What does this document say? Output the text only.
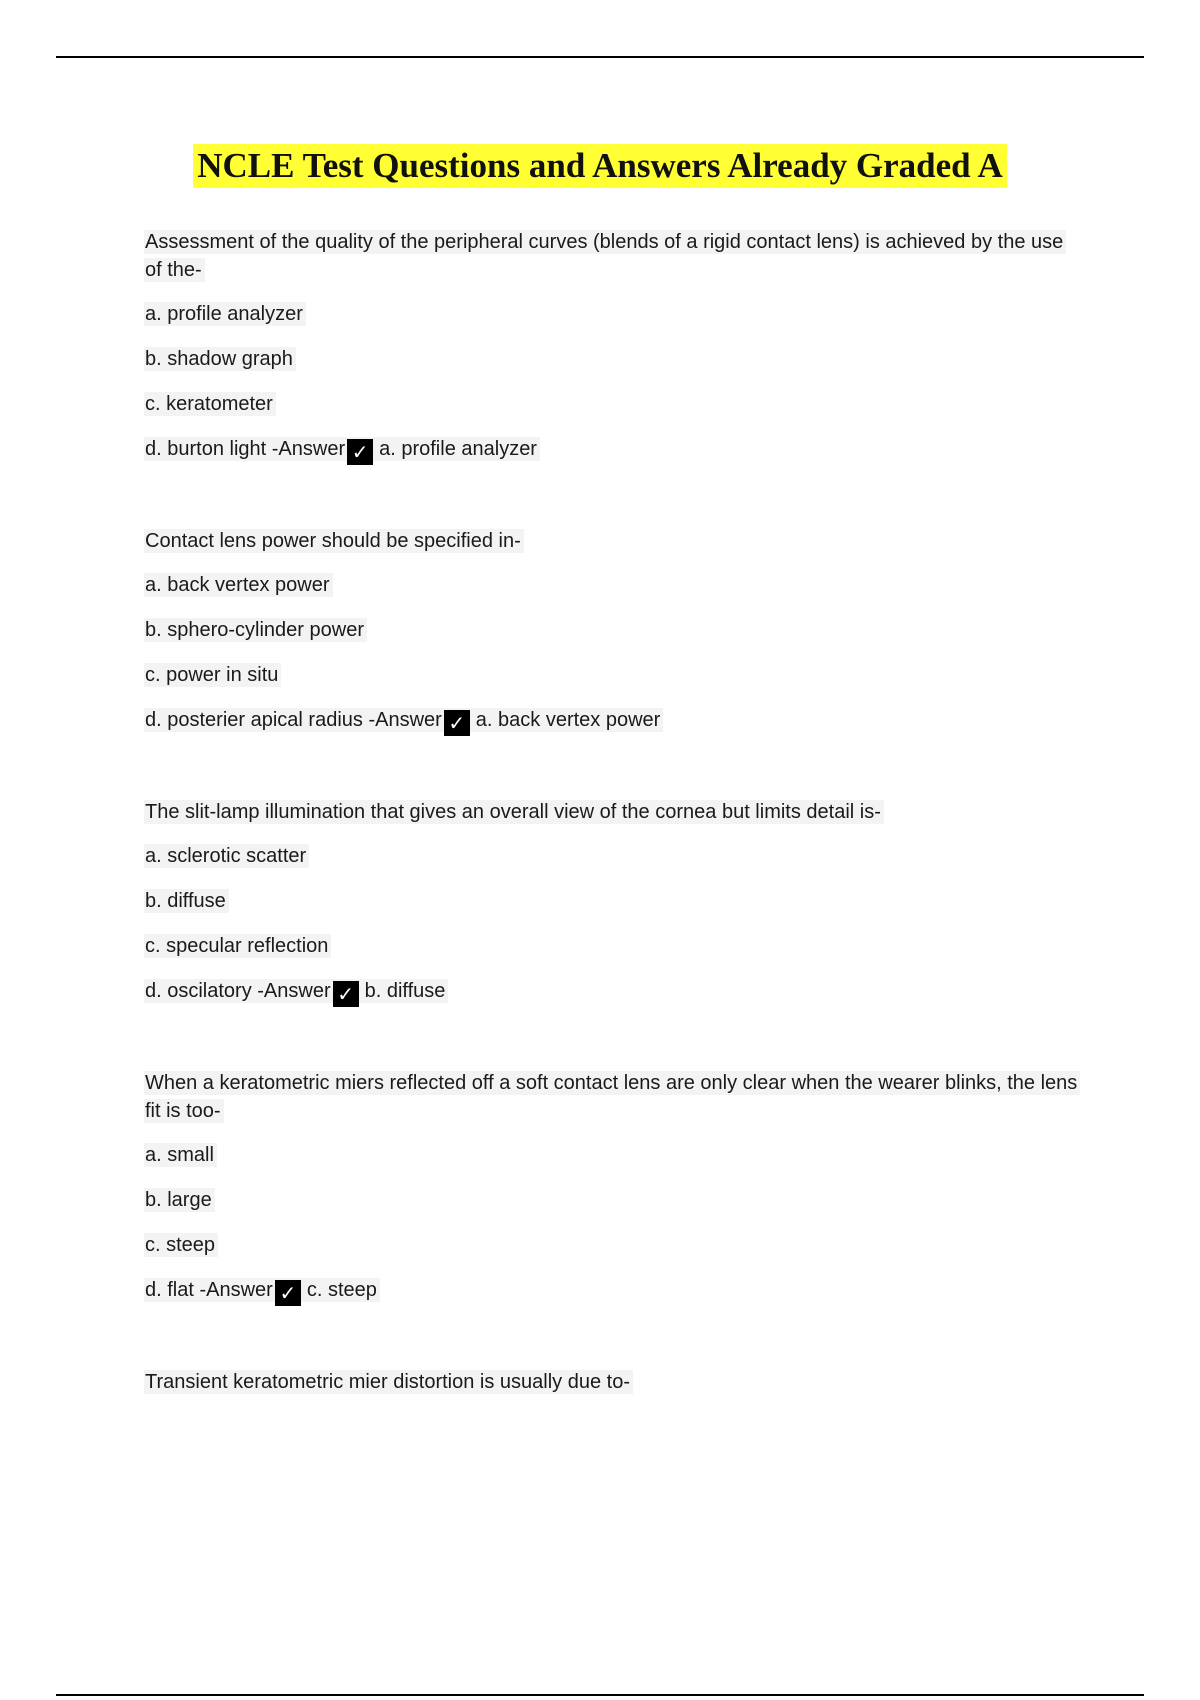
NCLE Test Questions and Answers Already Graded A
Assessment of the quality of the peripheral curves (blends of a rigid contact lens) is achieved by the use of the-
a. profile analyzer
b. shadow graph
c. keratometer
d. burton light -Answer ✓ a. profile analyzer
Contact lens power should be specified in-
a. back vertex power
b. sphero-cylinder power
c. power in situ
d. posterier apical radius -Answer ✓ a. back vertex power
The slit-lamp illumination that gives an overall view of the cornea but limits detail is-
a. sclerotic scatter
b. diffuse
c. specular reflection
d. oscilatory -Answer ✓ b. diffuse
When a keratometric miers reflected off a soft contact lens are only clear when the wearer blinks, the lens fit is too-
a. small
b. large
c. steep
d. flat -Answer ✓ c. steep
Transient keratometric mier distortion is usually due to-
